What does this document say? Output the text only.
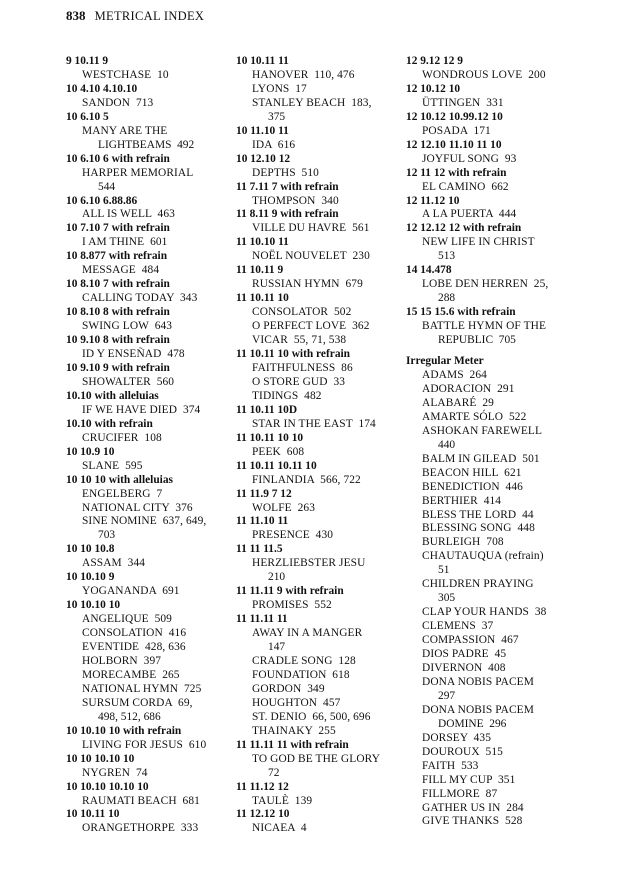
838 METRICAL INDEX
9 10.11 9
WESTCHASE  10
10 4.10 4.10.10
SANDON  713
10 6.10 5
MANY ARE THE
LIGHTBEAMS  492
10 6.10 6 with refrain
HARPER MEMORIAL
544
10 6.10 6.88.86
ALL IS WELL  463
10 7.10 7 with refrain
I AM THINE  601
10 8.877 with refrain
MESSAGE  484
10 8.10 7 with refrain
CALLING TODAY  343
10 8.10 8 with refrain
SWING LOW  643
10 9.10 8 with refrain
ID Y ENSEÑAD  478
10 9.10 9 with refrain
SHOWALTER  560
10.10 with alleluias
IF WE HAVE DIED  374
10.10 with refrain
CRUCIFER  108
10 10.9 10
SLANE  595
10 10 10 with alleluias
ENGELBERG  7
NATIONAL CITY  376
SINE NOMINE  637, 649,
703
10 10 10.8
ASSAM  344
10 10.10 9
YOGANANDA  691
10 10.10 10
ANGELIQUE  509
CONSOLATION  416
EVENTIDE  428, 636
HOLBORN  397
MORECAMBE  265
NATIONAL HYMN  725
SURSUM CORDA  69,
498, 512, 686
10 10.10 10 with refrain
LIVING FOR JESUS  610
10 10 10.10 10
NYGREN  74
10 10.10 10.10 10
RAUMATI BEACH  681
10 10.11 10
ORANGETHORPE  333
10 10.11 11
HANOVER  110, 476
LYONS  17
STANLEY BEACH  183,
375
10 11.10 11
IDA  616
10 12.10 12
DEPTHS  510
11 7.11 7 with refrain
THOMPSON  340
11 8.11 9 with refrain
VILLE DU HAVRE  561
11 10.10 11
NOËL NOUVELET  230
11 10.11 9
RUSSIAN HYMN  679
11 10.11 10
CONSOLATOR  502
O PERFECT LOVE  362
VICAR  55, 71, 538
11 10.11 10 with refrain
FAITHFULNESS  86
O STORE GUD  33
TIDINGS  482
11 10.11 10D
STAR IN THE EAST  174
11 10.11 10 10
PEEK  608
11 10.11 10.11 10
FINLANDIA  566, 722
11 11.9 7 12
WOLFE  263
11 11.10 11
PRESENCE  430
11 11 11.5
HERZLIEBSTER JESU
210
11 11.11 9 with refrain
PROMISES  552
11 11.11 11
AWAY IN A MANGER
147
CRADLE SONG  128
FOUNDATION  618
GORDON  349
HOUGHTON  457
ST. DENIO  66, 500, 696
THAINAKY  255
11 11.11 11 with refrain
TO GOD BE THE GLORY
72
11 11.12 12
TAULÈ  139
11 12.12 10
NICAEA  4
12 9.12 12 9
WONDROUS LOVE  200
12 10.12 10
ÜTTINGEN  331
12 10.12 10.99.12 10
POSADA  171
12 12.10 11.10 11 10
JOYFUL SONG  93
12 11 12 with refrain
EL CAMINO  662
12 11.12 10
A LA PUERTA  444
12 12.12 12 with refrain
NEW LIFE IN CHRIST
513
14 14.478
LOBE DEN HERREN  25,
288
15 15 15.6 with refrain
BATTLE HYMN OF THE
REPUBLIC  705
Irregular Meter
ADAMS  264
ADORACION  291
ALABARÉ  29
AMARTE SÓLO  522
ASHOKAN FAREWELL
440
BALM IN GILEAD  501
BEACON HILL  621
BENEDICTION  446
BERTHIER  414
BLESS THE LORD  44
BLESSING SONG  448
BURLEIGH  708
CHAUTAUQUA (refrain)
51
CHILDREN PRAYING
305
CLAP YOUR HANDS  38
CLEMENS  37
COMPASSION  467
DIOS PADRE  45
DIVERNON  408
DONA NOBIS PACEM
297
DONA NOBIS PACEM
DOMINE  296
DORSEY  435
DOUROUX  515
FAITH  533
FILL MY CUP  351
FILLMORE  87
GATHER US IN  284
GIVE THANKS  528
